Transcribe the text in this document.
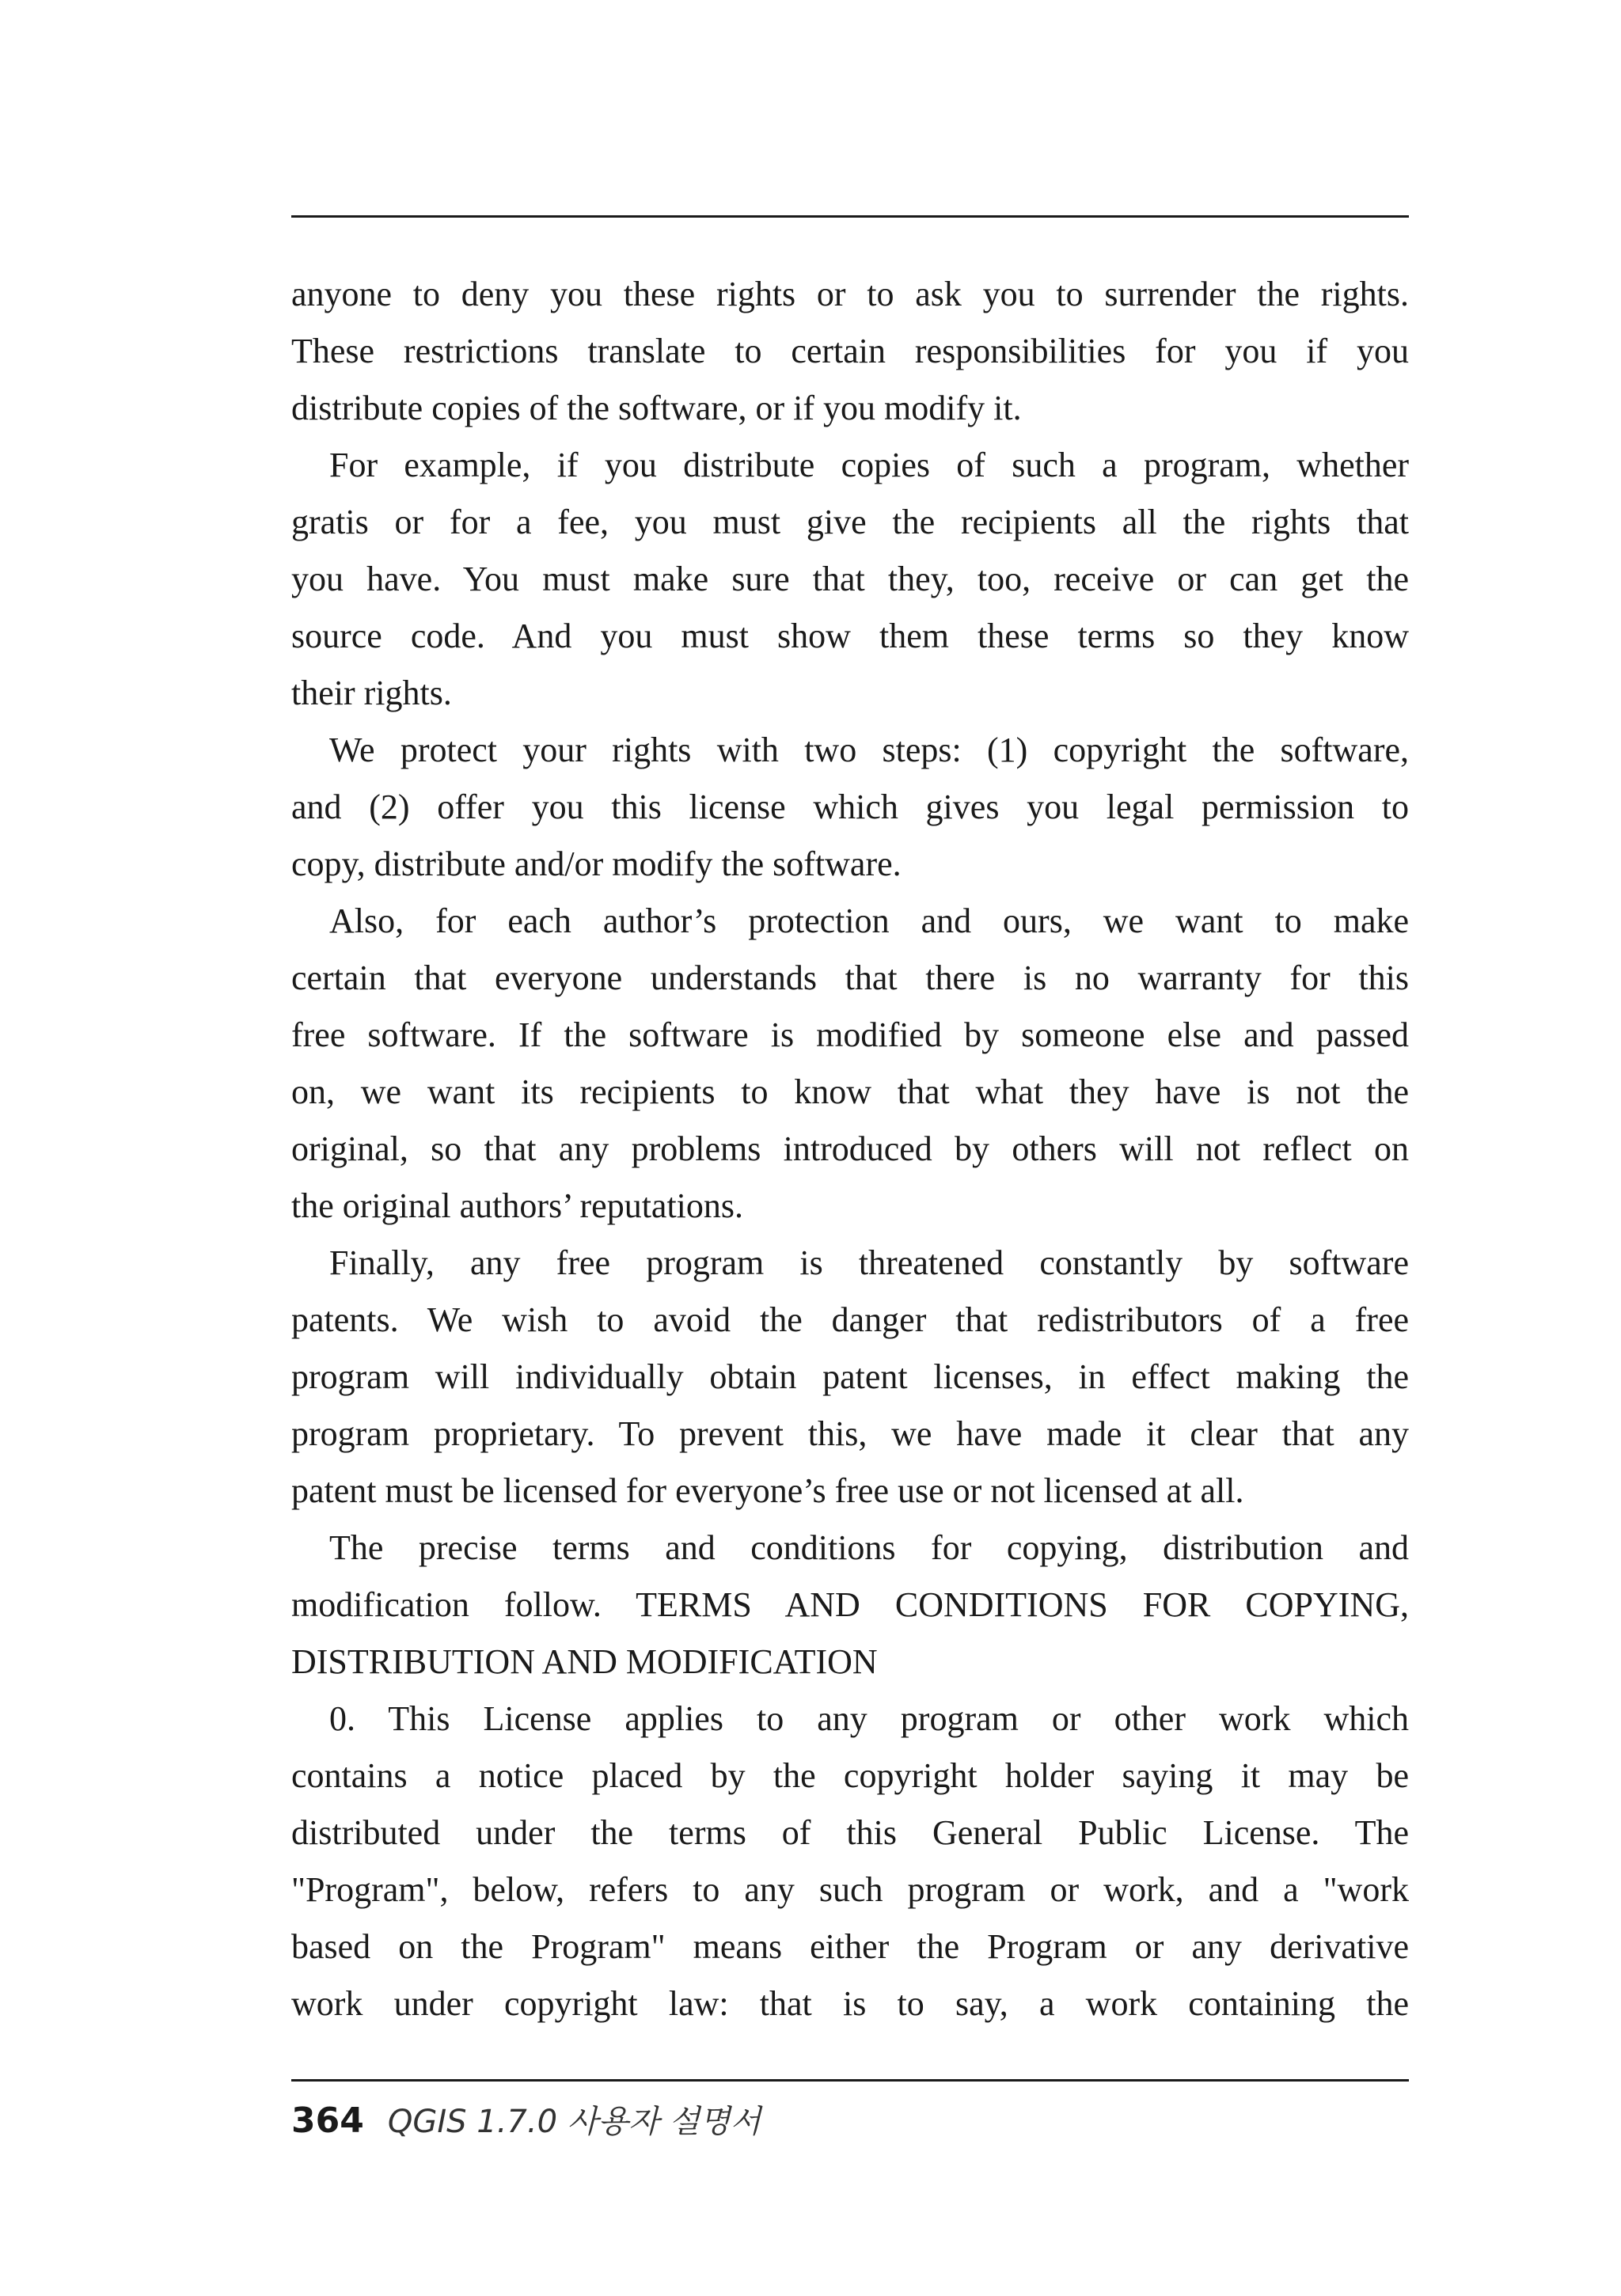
anyone to deny you these rights or to ask you to surrender the rights.
These restrictions translate to certain responsibilities for you if you
distribute copies of the software, or if you modify it.
For example, if you distribute copies of such a program, whether
gratis or for a fee, you must give the recipients all the rights that
you have. You must make sure that they, too, receive or can get the
source code. And you must show them these terms so they know
their rights.
We protect your rights with two steps: (1) copyright the software,
and (2) offer you this license which gives you legal permission to
copy, distribute and/or modify the software.
Also, for each author’s protection and ours, we want to make
certain that everyone understands that there is no warranty for this
free software. If the software is modified by someone else and passed
on, we want its recipients to know that what they have is not the
original, so that any problems introduced by others will not reflect on
the original authors’ reputations.
Finally, any free program is threatened constantly by software
patents. We wish to avoid the danger that redistributors of a free
program will individually obtain patent licenses, in effect making the
program proprietary. To prevent this, we have made it clear that any
patent must be licensed for everyone’s free use or not licensed at all.
The precise terms and conditions for copying, distribution and
modification follow. TERMS AND CONDITIONS FOR COPYING,
DISTRIBUTION AND MODIFICATION
0. This License applies to any program or other work which
contains a notice placed by the copyright holder saying it may be
distributed under the terms of this General Public License. The
"Program", below, refers to any such program or work, and a "work
based on the Program" means either the Program or any derivative
work under copyright law: that is to say, a work containing the
364 QGIS 1.7.0 사용자 설명서
